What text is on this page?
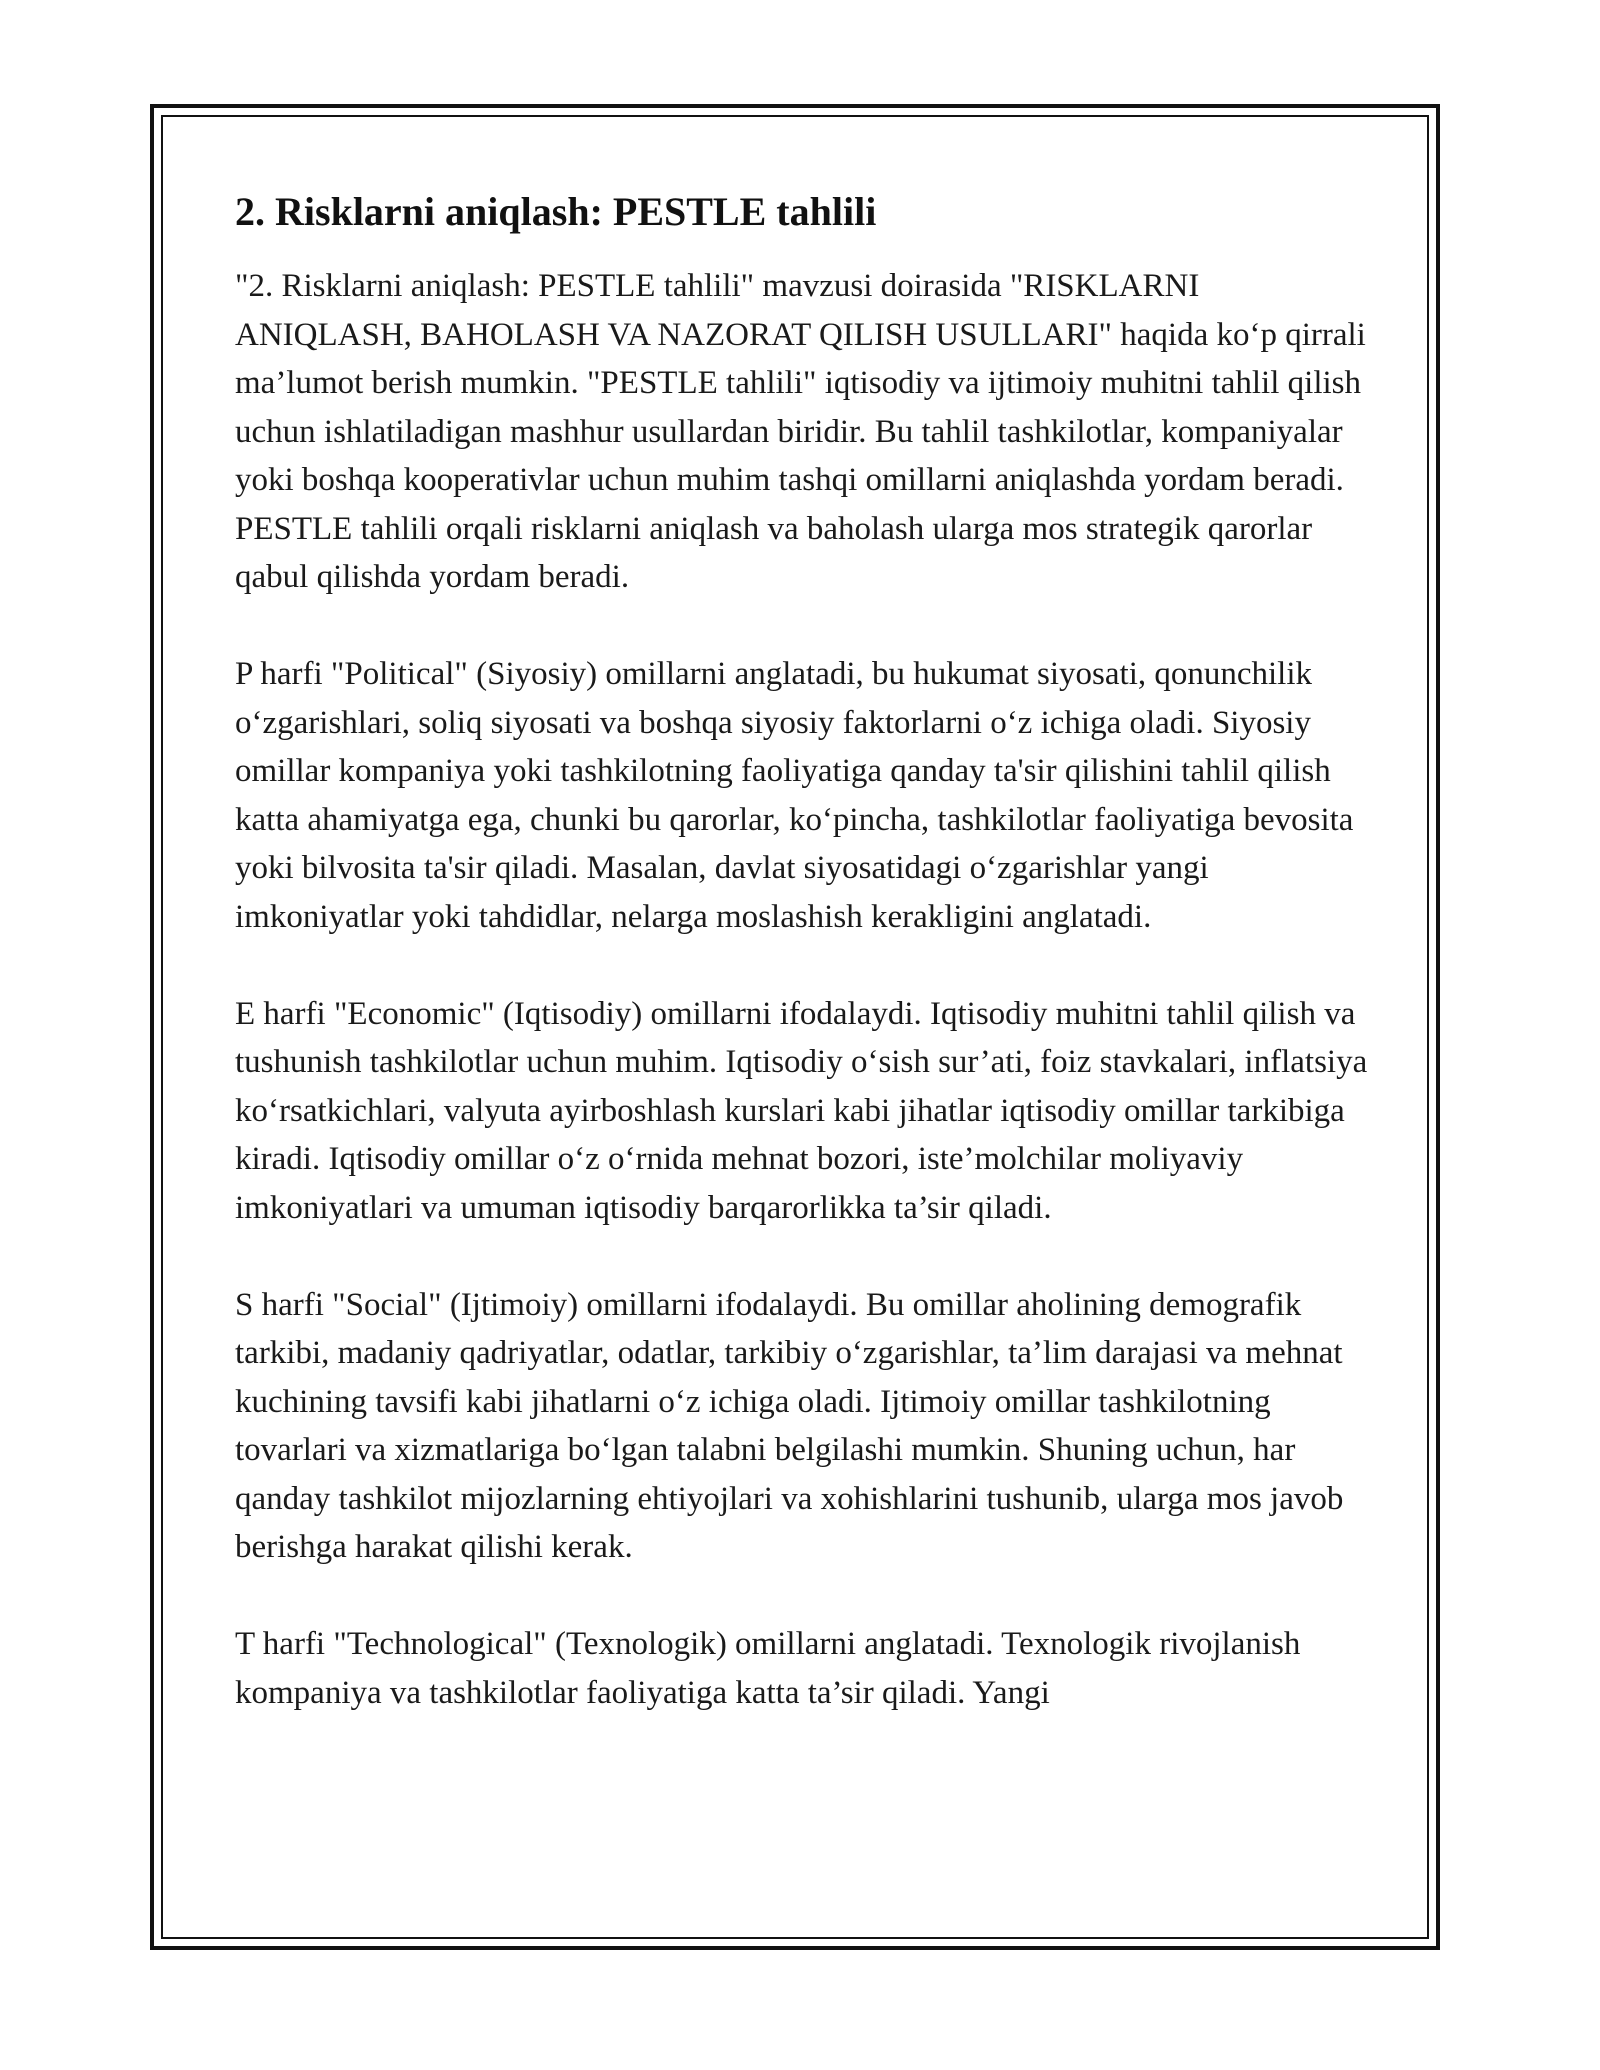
2. Risklarni aniqlash: PESTLE tahlili

"2. Risklarni aniqlash: PESTLE tahlili" mavzusi doirasida "RISKLARNI ANIQLASH, BAHOLASH VA NAZORAT QILISH USULLARI" haqida ko‘p qirrali ma’lumot berish mumkin. "PESTLE tahlili" iqtisodiy va ijtimoiy muhitni tahlil qilish uchun ishlatiladigan mashhur usullardan biridir. Bu tahlil tashkilotlar, kompaniyalar yoki boshqa kooperativlar uchun muhim tashqi omillarni aniqlashda yordam beradi. PESTLE tahlili orqali risklarni aniqlash va baholash ularga mos strategik qarorlar qabul qilishda yordam beradi.

P harfi "Political" (Siyosiy) omillarni anglatadi, bu hukumat siyosati, qonunchilik o‘zgarishlari, soliq siyosati va boshqa siyosiy faktorlarni o‘z ichiga oladi. Siyosiy omillar kompaniya yoki tashkilotning faoliyatiga qanday ta'sir qilishini tahlil qilish katta ahamiyatga ega, chunki bu qarorlar, ko‘pincha, tashkilotlar faoliyatiga bevosita yoki bilvosita ta'sir qiladi. Masalan, davlat siyosatidagi o‘zgarishlar yangi imkoniyatlar yoki tahdidlar, nelarga moslashish kerakligini anglatadi.

E harfi "Economic" (Iqtisodiy) omillarni ifodalaydi. Iqtisodiy muhitni tahlil qilish va tushunish tashkilotlar uchun muhim. Iqtisodiy o‘sish sur’ati, foiz stavkalari, inflatsiya ko‘rsatkichlari, valyuta ayirboshlash kurslari kabi jihatlar iqtisodiy omillar tarkibiga kiradi. Iqtisodiy omillar o‘z o‘rnida mehnat bozori, iste’molchilar moliyaviy imkoniyatlari va umuman iqtisodiy barqarorlikka ta’sir qiladi.

S harfi "Social" (Ijtimoiy) omillarni ifodalaydi. Bu omillar aholining demografik tarkibi, madaniy qadriyatlar, odatlar, tarkibiy o‘zgarishlar, ta’lim darajasi va mehnat kuchining tavsifi kabi jihatlarni o‘z ichiga oladi. Ijtimoiy omillar tashkilotning tovarlari va xizmatlariga bo‘lgan talabni belgilashi mumkin. Shuning uchun, har qanday tashkilot mijozlarning ehtiyojlari va xohishlarini tushunib, ularga mos javob berishga harakat qilishi kerak.

T harfi "Technological" (Texnologik) omillarni anglatadi. Texnologik rivojlanish kompaniya va tashkilotlar faoliyatiga katta ta’sir qiladi. Yangi
